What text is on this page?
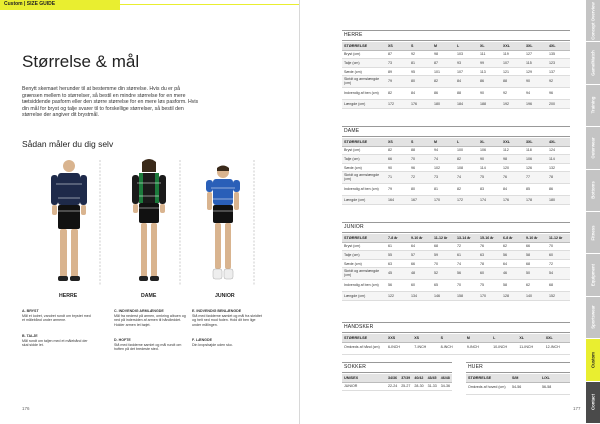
Custom | SIZE GUIDE
Størrelse & mål
Benytt skemaet herunder til at bestemme din størrelse. Hvis du er på grænsen mellem to størrelser, så bestil en mindre størrelse for en mere tætsiddende pasform eller den større størrelse for en mere løs pasform. Hvis din mål for bryst og talje svarer til to forskellige størrelser, så bestil den størrelse der angiver dit brystmål.
Sådan måler du dig selv
HERRE	DAME	JUNIOR
A. BRYST
Mål et lodret, vandret rundt om brystet med et målebånd under armene.
B. TALJE
Mål rundt om taljen med et målebånd der skal sidde let.
C. INDVENDIG ARMLÆNGDE
Mål fra nederst på armen, omkring albuen og ned på indersiden af armen til håndleddet. Holder armen let bøjet.
D. HOFTE
Stå med fødderne samlet og mål rundt om hoften på det bredeste sted.
E. INDVENDIG BENLÆNGDE
Stå med fødderne samlet og mål fra skridtet og helt ned mod foden. Hold dit ben lige under målingen.
F. LÆNGDE
Din kropshøjde uden sko.
176	177
HERRE
STØRRELSE	XS	S	M	L	XL	XXL	3XL	4XL
Bryst (cm)	87	92	98	103	111	119	127	135
Talje (cm)	73	81	87	93	99	107	115	123
Sæde (cm)	89	95	101	107	113	121	129	137
Skridt og armslængde (cm)	79	80	82	84	86	88	90	92
Indvendig af ben (cm)	82	84	86	88	90	92	94	96
Længde (cm)	172	176	180	184	188	192	196	200
DAME
STØRRELSE	XS	S	M	L	XL	XXL	3XL	4XL
Bryst (cm)	82	88	94	100	106	112	118	124
Talje (cm)	66	70	74	82	90	98	106	114
Sæde (cm)	90	96	102	108	114	120	126	132
Skridt og armslængde (cm)	71	72	73	74	75	76	77	78
Indvendig af ben (cm)	79	80	81	82	83	84	85	86
Længde (cm)	164	167	170	172	174	176	178	180
JUNIOR
STØRRELSE	7-8 år	9-10 år	11-12 år	13-14 år	15-16 år	6-8 år	9-10 år	11-12 år
Bryst (cm)	61	64	68	72	76	62	66	70
Talje (cm)	55	57	59	61	63	56	58	60
Sæde (cm)	63	66	70	74	78	64	68	72
Skridt og armslængde (cm)	45	48	52	56	60	46	50	54
Indvendig af ben (cm)	56	60	65	70	75	58	62	68
Længde (cm)	122	134	146	158	170	128	140	152
HANDSKER
STØRRELSE	XXS	XS	S	M	L	XL	XXL
Omkreds af hånd (cm)	6-INCH	7-INCH	8-INCH	9-INCH	10-INCH	11-INCH	12-INCH
SOKKER
UNISEX	34/36	37/39	40/42	43/45	46/48
JUNIOR	22-24	25-27	28-30	31-33	34-36
HUER
STØRRELSE	S/M	L/XL
Omkreds af hoved (cm)	54-56	56-58
Concept Overview
Game/Match
Training
Outerwear
Bottoms
Fitness
Equipment
Sportswear
Custom
Contact
